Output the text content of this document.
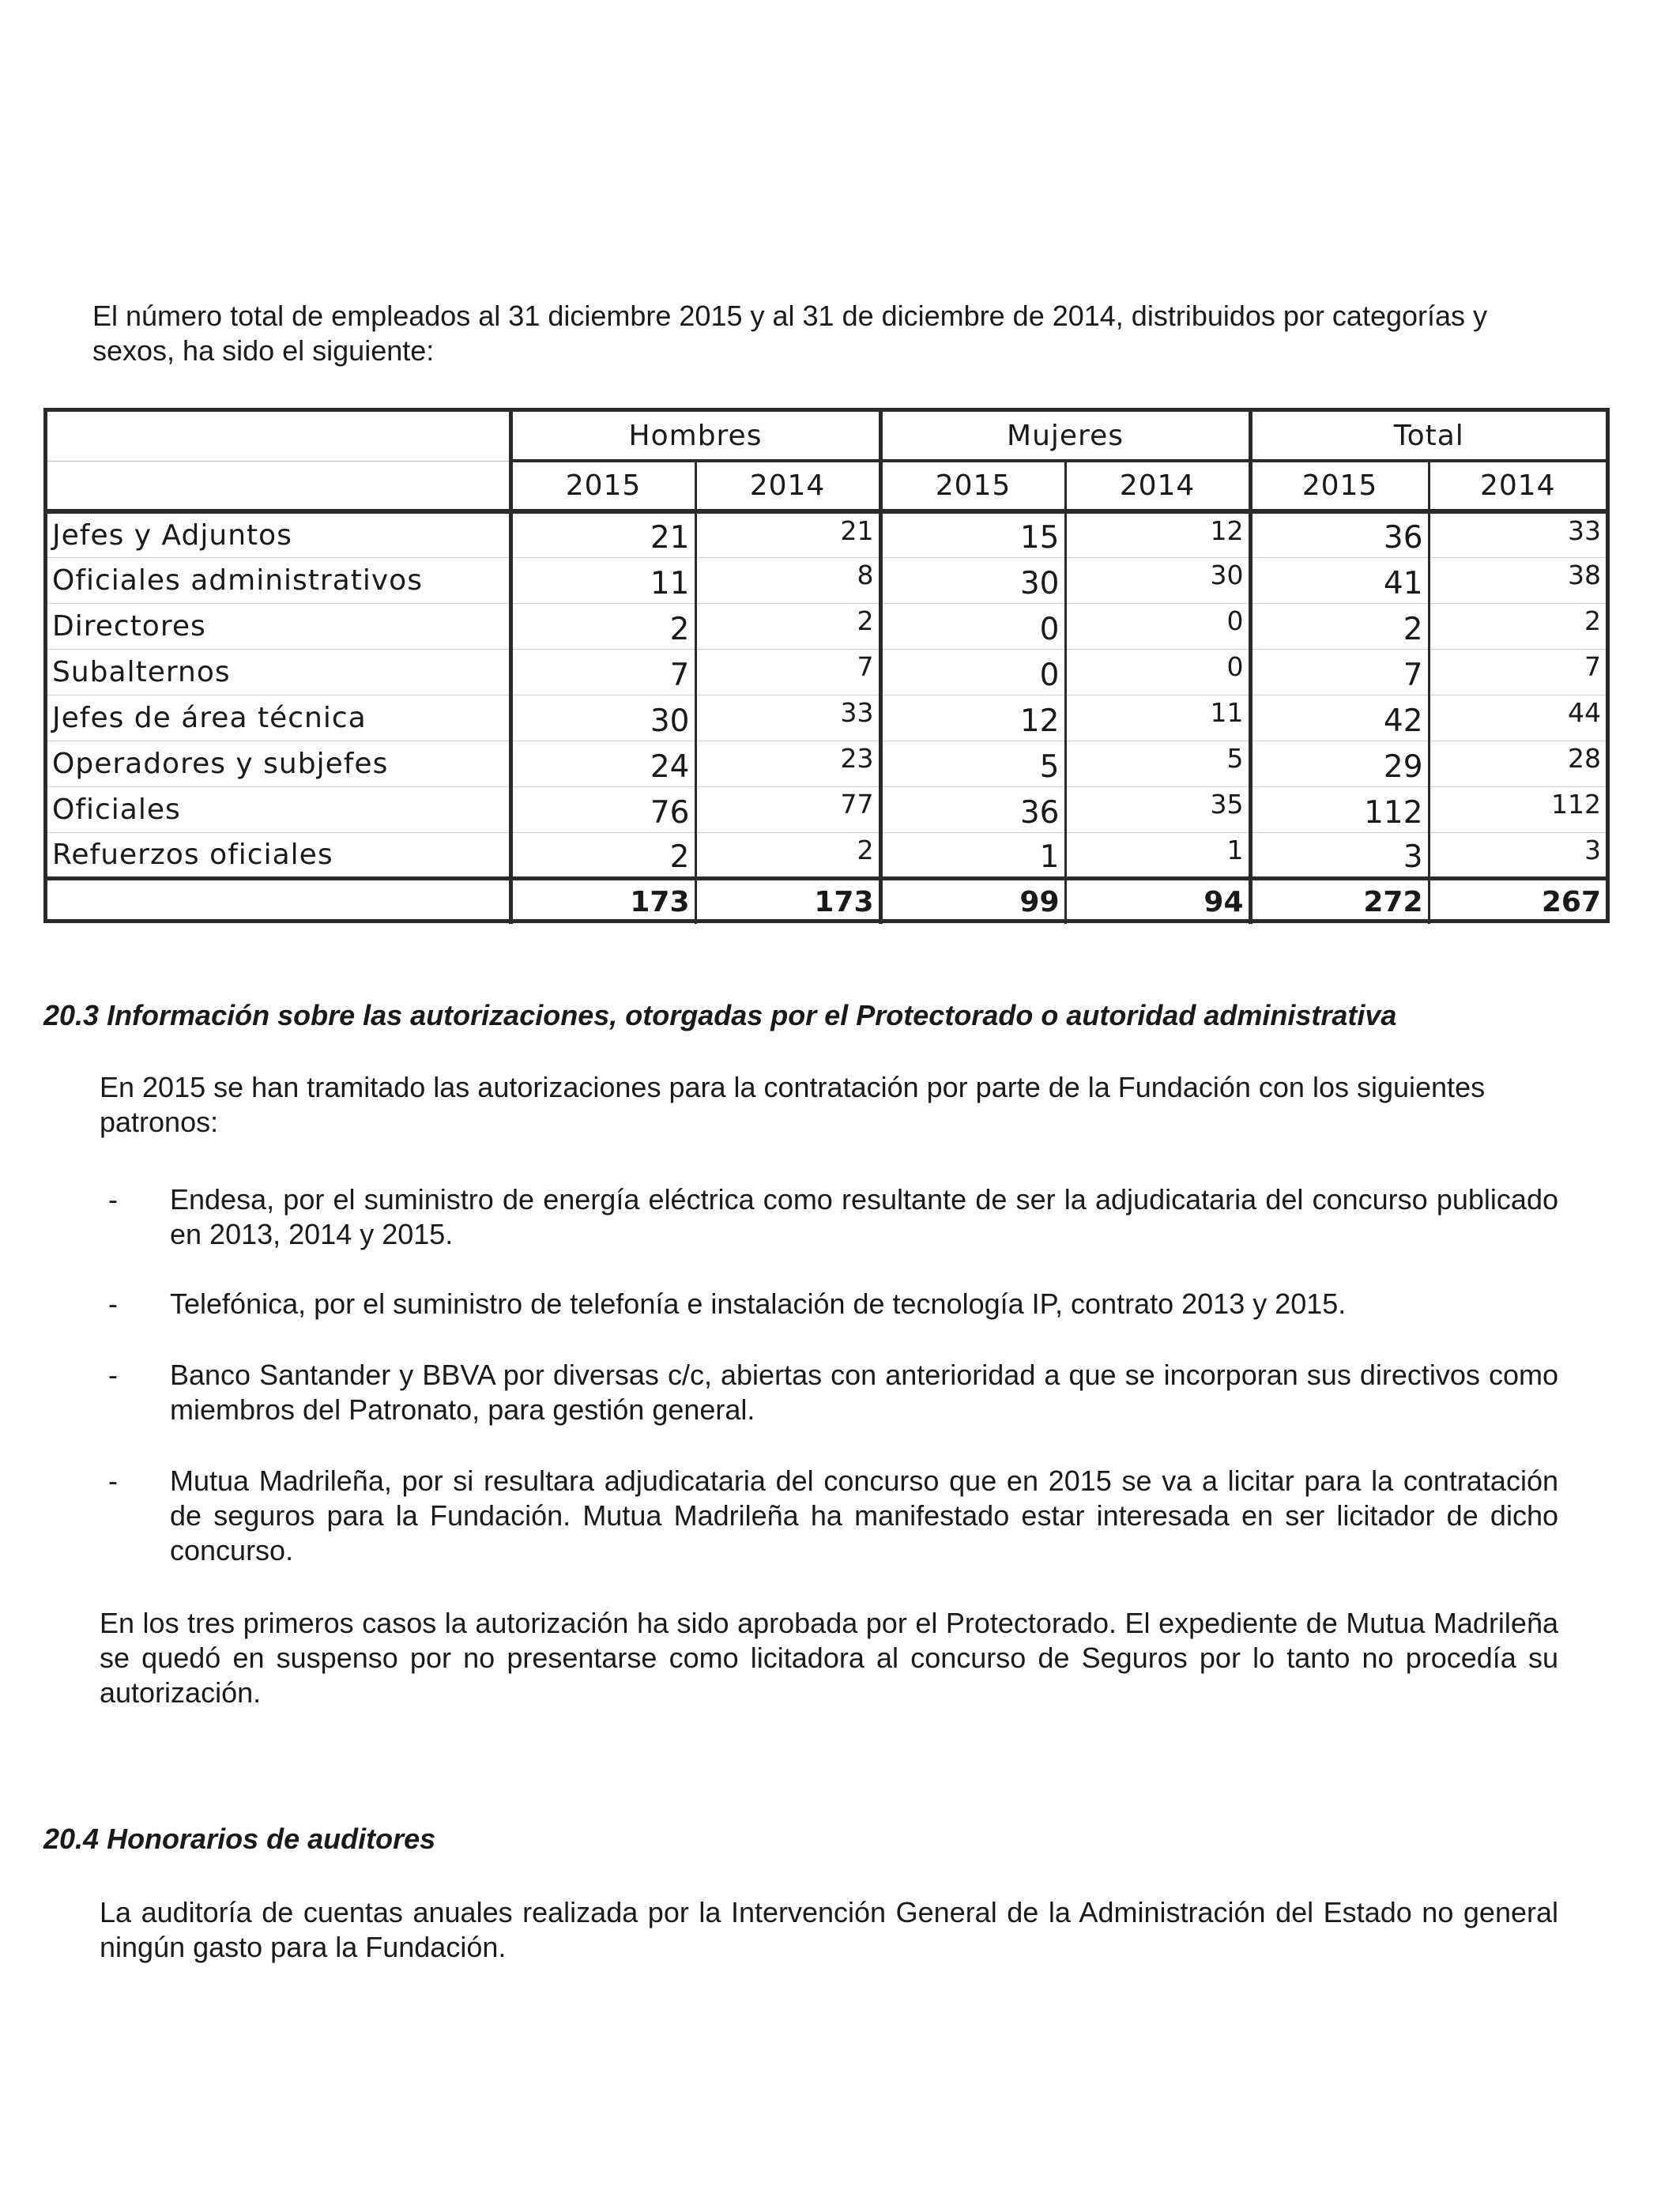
El número total de empleados al 31 diciembre 2015 y al 31 de diciembre de 2014, distribuidos por categorías y sexos, ha sido el siguiente:

	Hombres		Mujeres		Total	
	2015	2014	2015	2014	2015	2014
Jefes y Adjuntos	21	21	15	12	36	33
Oficiales administrativos	11	8	30	30	41	38
Directores	2	2	0	0	2	2
Subalternos	7	7	0	0	7	7
Jefes de área técnica	30	33	12	11	42	44
Operadores y subjefes	24	23	5	5	29	28
Oficiales	76	77	36	35	112	112
Refuerzos oficiales	2	2	1	1	3	3
	173	173	99	94	272	267
20.3 Información sobre las autorizaciones, otorgadas por el Protectorado o autoridad administrativa

En 2015 se han tramitado las autorizaciones para la contratación por parte de la Fundación con los siguientes patronos:

- Endesa, por el suministro de energía eléctrica como resultante de ser la adjudicataria del concurso publicado en 2013, 2014 y 2015.
- Telefónica, por el suministro de telefonía e instalación de tecnología IP, contrato 2013 y 2015.
- Banco Santander y BBVA por diversas c/c, abiertas con anterioridad a que se incorporan sus directivos como miembros del Patronato, para gestión general.
- Mutua Madrileña, por si resultara adjudicataria del concurso que en 2015 se va a licitar para la contratación de seguros para la Fundación. Mutua Madrileña ha manifestado estar interesada en ser licitador de dicho concurso.

En los tres primeros casos la autorización ha sido aprobada por el Protectorado. El expediente de Mutua Madrileña se quedó en suspenso por no presentarse como licitadora al concurso de Seguros por lo tanto no procedía su autorización.

20.4 Honorarios de auditores

La auditoría de cuentas anuales realizada por la Intervención General de la Administración del Estado no general ningún gasto para la Fundación.
